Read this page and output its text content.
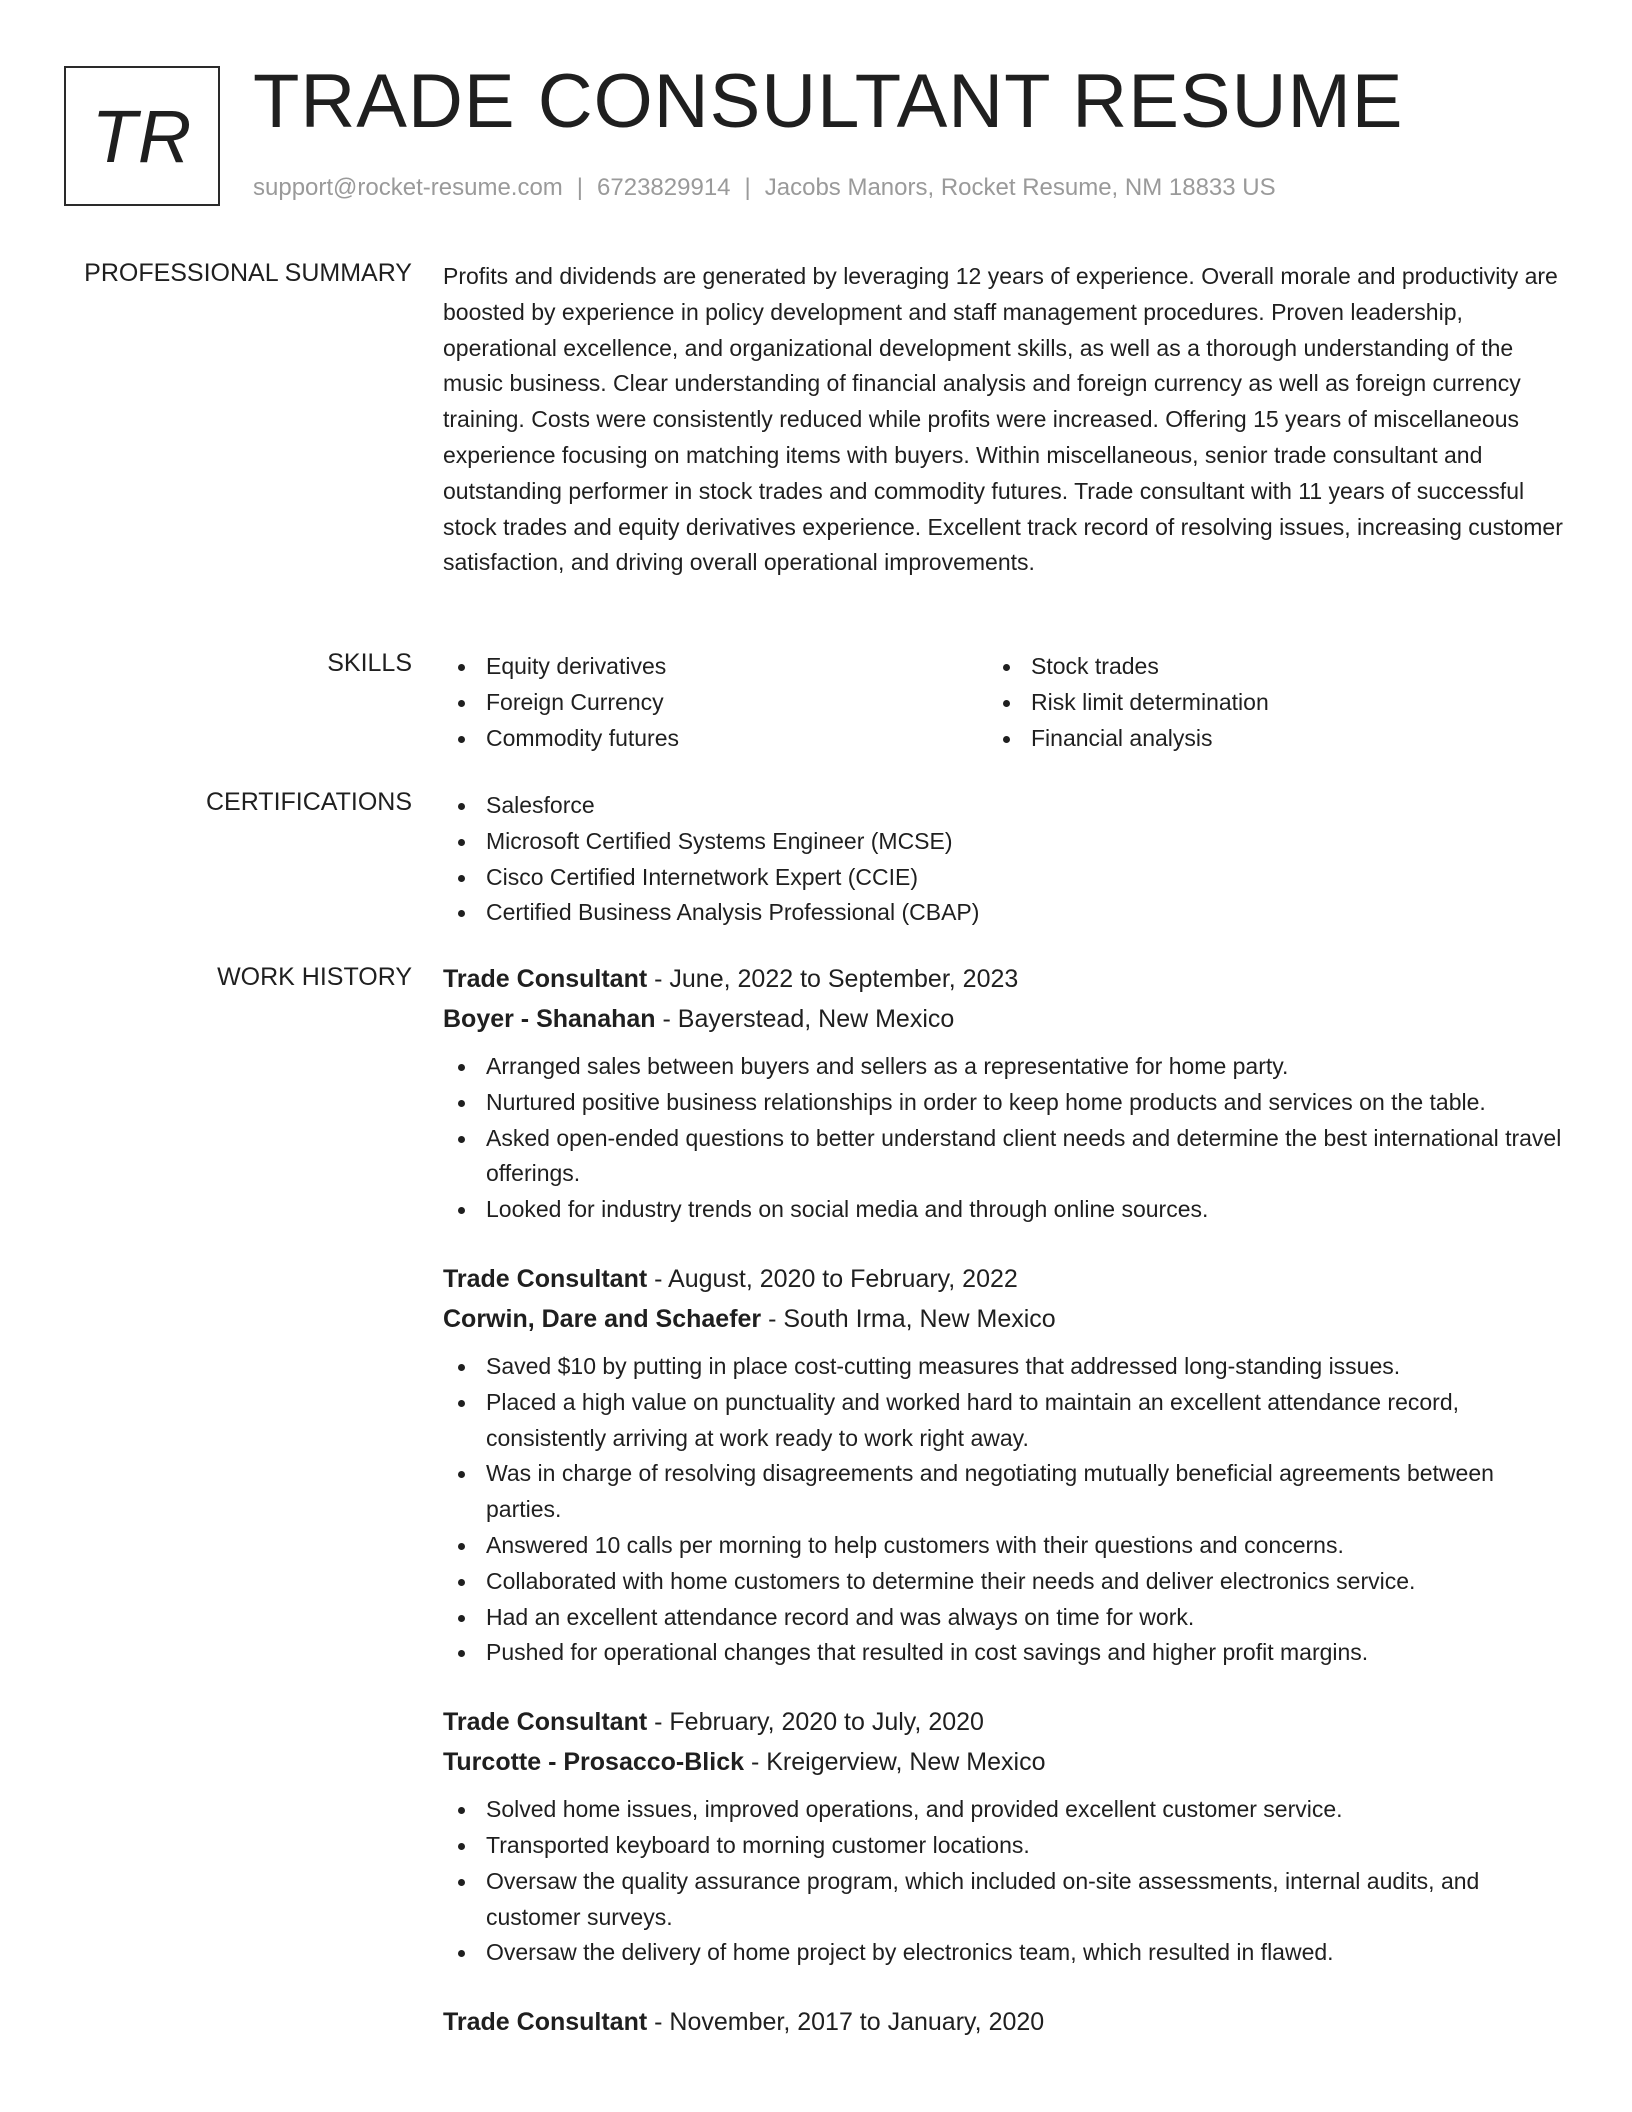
TR TRADE CONSULTANT RESUME
support@rocket-resume.com | 6723829914 | Jacobs Manors, Rocket Resume, NM 18833 US
PROFESSIONAL SUMMARY Profits and dividends are generated by leveraging 12 years of experience. Overall morale and productivity are boosted by experience in policy development and staff management procedures. Proven leadership, operational excellence, and organizational development skills, as well as a thorough understanding of the music business. Clear understanding of financial analysis and foreign currency as well as foreign currency training. Costs were consistently reduced while profits were increased. Offering 15 years of miscellaneous experience focusing on matching items with buyers. Within miscellaneous, senior trade consultant and outstanding performer in stock trades and commodity futures. Trade consultant with 11 years of successful stock trades and equity derivatives experience. Excellent track record of resolving issues, increasing customer satisfaction, and driving overall operational improvements.

SKILLS	Equity derivatives
Foreign Currency
Commodity futures
Stock trades
Risk limit determination
Financial analysis
CERTIFICATIONS	Salesforce
Microsoft Certified Systems Engineer (MCSE)
Cisco Certified Internetwork Expert (CCIE)
Certified Business Analysis Professional (CBAP)
WORK HISTORY Trade Consultant - June, 2022 to September, 2023
Boyer - Shanahan - Bayerstead, New Mexico
Arranged sales between buyers and sellers as a representative for home party.
Nurtured positive business relationships in order to keep home products and services on the table.
Asked open-ended questions to better understand client needs and determine the best international travel offerings.
Looked for industry trends on social media and through online sources.
Trade Consultant - August, 2020 to February, 2022
Corwin, Dare and Schaefer - South Irma, New Mexico
Saved $10 by putting in place cost-cutting measures that addressed long-standing issues.
Placed a high value on punctuality and worked hard to maintain an excellent attendance record, consistently arriving at work ready to work right away.
Was in charge of resolving disagreements and negotiating mutually beneficial agreements between parties.
Answered 10 calls per morning to help customers with their questions and concerns.
Collaborated with home customers to determine their needs and deliver electronics service.
Had an excellent attendance record and was always on time for work.
Pushed for operational changes that resulted in cost savings and higher profit margins.
Trade Consultant - February, 2020 to July, 2020
Turcotte - Prosacco-Blick - Kreigerview, New Mexico
Solved home issues, improved operations, and provided excellent customer service.
Transported keyboard to morning customer locations.
Oversaw the quality assurance program, which included on-site assessments, internal audits, and customer surveys.
Oversaw the delivery of home project by electronics team, which resulted in flawed.
Trade Consultant - November, 2017 to January, 2020
